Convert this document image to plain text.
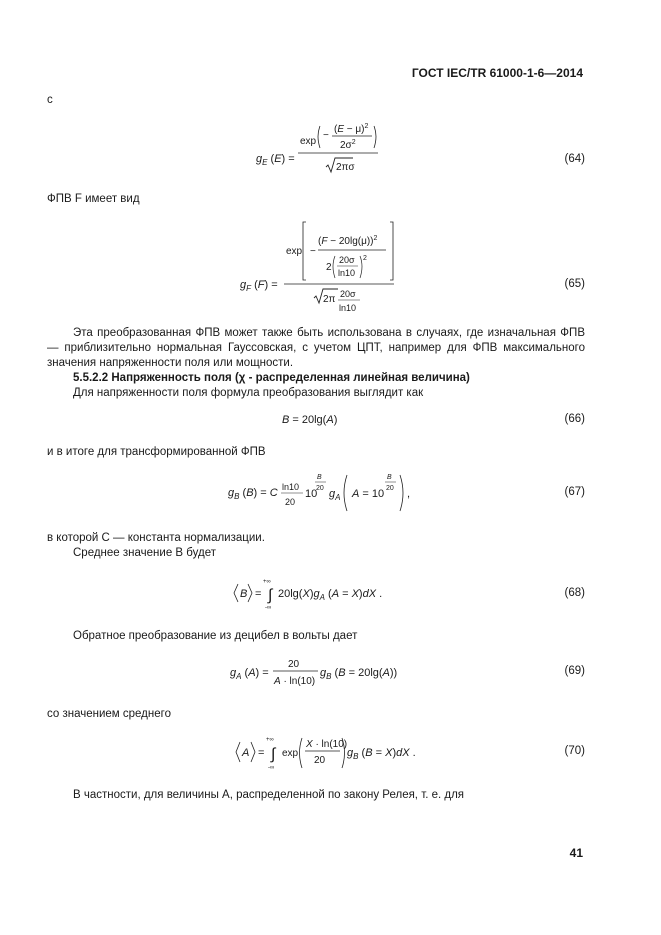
ГОСТ IEC/TR 61000-1-6—2014
с
$g_E$ (E) =
exp
−
$(E - \mu)^2$
$2\sigma^2$
2πσ
(64)
ФПВ F имеет вид
$g_F$ (F) =
exp −
$(F - 20\lg(\mu))^2$
2
20σ
ln10
2
2π 20σ
ln10
(65)
Эта преобразованная ФПВ может также быть использована в случаях, где изначальная ФПВ — приблизительно нормальная Гауссовская, с учетом ЦПТ, например для ФПВ максимального значения напряженности поля или мощности.
5.5.2.2 Напряженность поля (χ - распределенная линейная величина)
Для напряженности поля формула преобразования выглядит как
B = 20lg(A)	(66)
и в итоге для трансформированной ФПВ
$g_B$ (B) = C ln10
20
10
B
20 $g_A$ A = 10
B
20 ,	(67)
в которой C — константа нормализации.
Среднее значение B будет
B =
+∞
∫
-∞
$20\lg(X)g_A$ (A = X)dX .	(68)
Обратное преобразование из децибел в вольты дает
$g_A$ (A) =
20
A · ln(10)
$g_B$ (B = 20lg(A))	(69)
со значением среднего
A =
+∞
∫
-∞
exp
X · ln(10)
20
$g_B$ (B = X)dX .	(70)
В частности, для величины А, распределенной по закону Релея, т. е. для
41
